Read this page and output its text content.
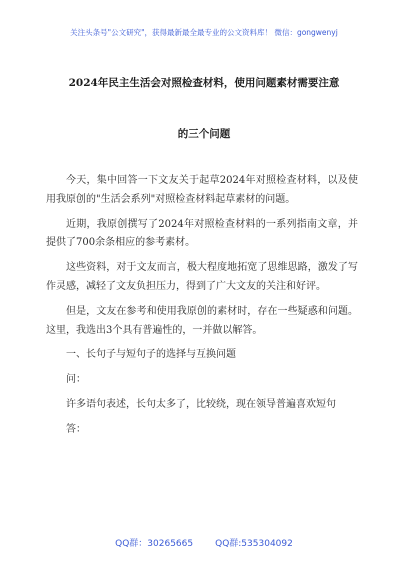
关注头条号"公文研究"，获得最新最全最专业的公文资料库！ 微信：gongwenyj
2024年民主生活会对照检查材料，使用问题素材需要注意
的三个问题

今天，集中回答一下文友关于起草2024年对照检查材料，以及使用我原创的"生活会系列"对照检查材料起草素材的问题。

近期，我原创撰写了2024年对照检查材料的一系列指南文章，并提供了700余条相应的参考素材。

这些资料，对于文友而言，极大程度地拓宽了思维思路，激发了写作灵感，减轻了文友负担压力，得到了广大文友的关注和好评。

但是，文友在参考和使用我原创的素材时，存在一些疑惑和问题。这里，我选出3个具有普遍性的，一并做以解答。

一、长句子与短句子的选择与互换问题

问：

许多语句表述，长句太多了，比较绕，现在领导普遍喜欢短句

答：

QQ群：30265665 QQ群:535304092
